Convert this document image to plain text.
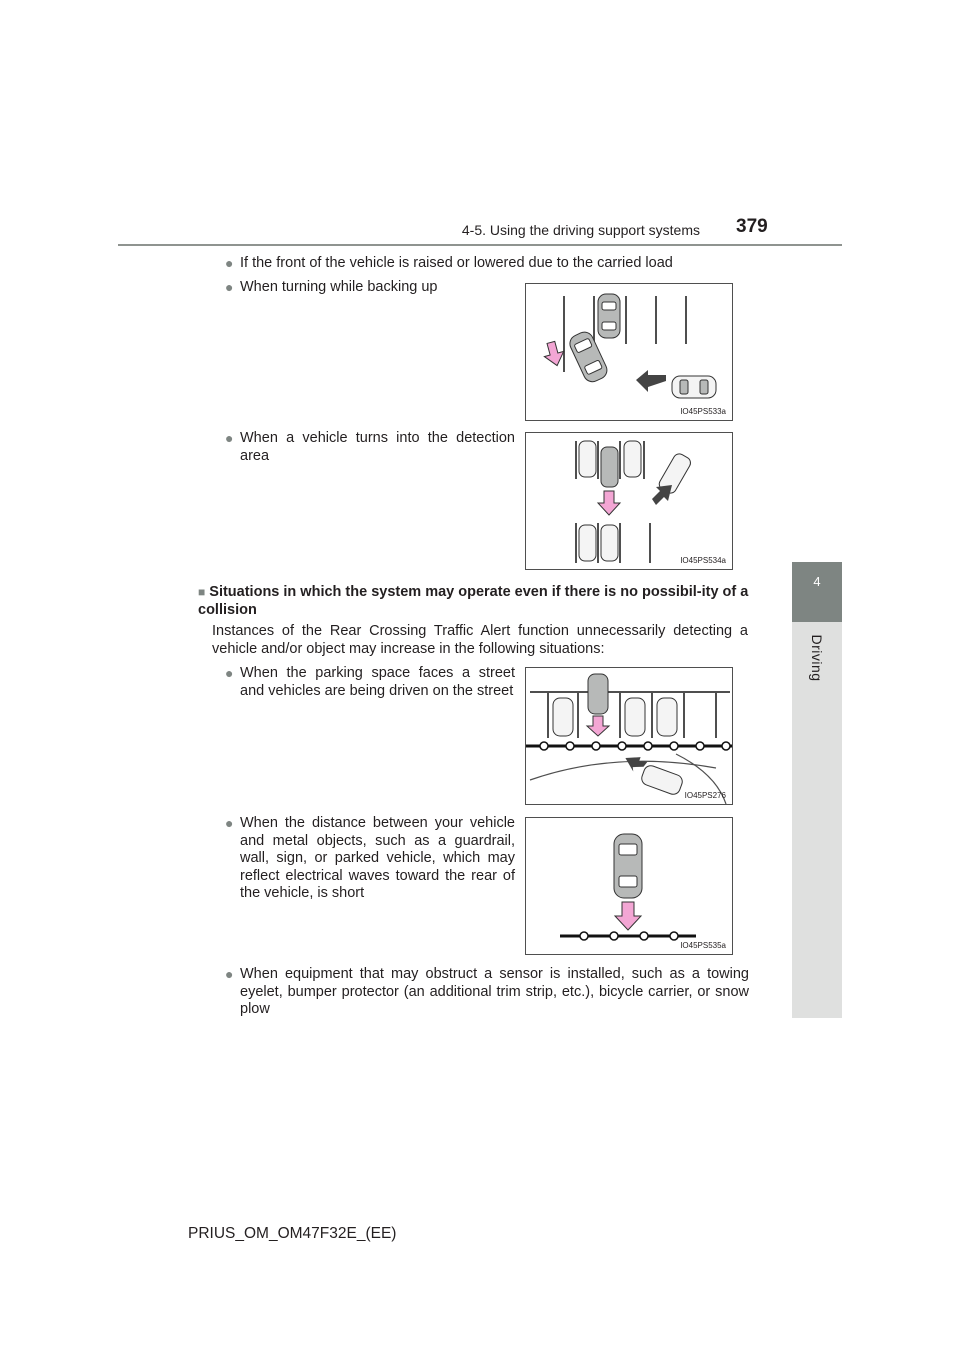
4-5. Using the driving support systems 379
4
Driving
● If the front of the vehicle is raised or lowered due to the carried load
● When turning while backing up
● When a vehicle turns into the detection area
IO45PS533a
IO45PS534a
■ Situations in which the system may operate even if there is no possibil-ity of a collision
Instances of the Rear Crossing Traffic Alert function unnecessarily detecting a vehicle and/or object may increase in the following situations:
● When the parking space faces a street and vehicles are being driven on the street
● When the distance between your vehicle and metal objects, such as a guardrail, wall, sign, or parked vehicle, which may reflect electrical waves toward the rear of the vehicle, is short
● When equipment that may obstruct a sensor is installed, such as a towing eyelet, bumper protector (an additional trim strip, etc.), bicycle carrier, or snow plow
IO45PS276
IO45PS535a
PRIUS_OM_OM47F32E_(EE)
